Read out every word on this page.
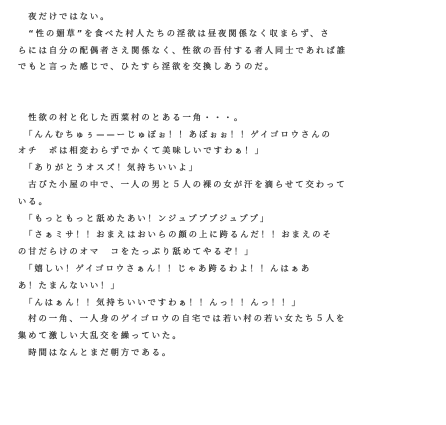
　夜だけではない。
　“性の媚草”を食べた村人たちの淫欲は昼夜関係なく収まらず、さ
らには自分の配偶者さえ関係なく、性欲の吾付する者人同士であれば誰
でもと言った感じで、ひたすら淫欲を交換しあうのだ。
　性欲の村と化した西菜村のとある一角・・・。
　「んんむちゅぅ——ーじゅぽぉ！！あぼぉぉ！！ゲイゴロウさんの
オチ　ポは相変わらずでかくて美味しいですわぁ！」
　「ありがとうオスズ！気持ちいいよ」
　古びた小屋の中で、一人の男と５人の裸の女が汗を滴らせて交わって
いる。
　「もっともっと舐めたあい！ンジュプププジュププ」
　「さぁミサ！！おまえはおいらの顔の上に跨るんだ！！おまえのそ
の甘だらけのオマ　コをたっぷり舐めてやるぞ！」
　「嬉しい！ゲイゴロウさぁん！！じゃあ跨るわよ！！んはぁあ
あ！たまんないい！」
　「んはぁん！！気持ちいいですわぁ！！んっ！！んっ！！」
　村の一角、一人身のゲイゴロウの自宅では若い村の若い女たち５人を
集めて激しい大乱交を繰っていた。
　時間はなんとまだ朝方である。
